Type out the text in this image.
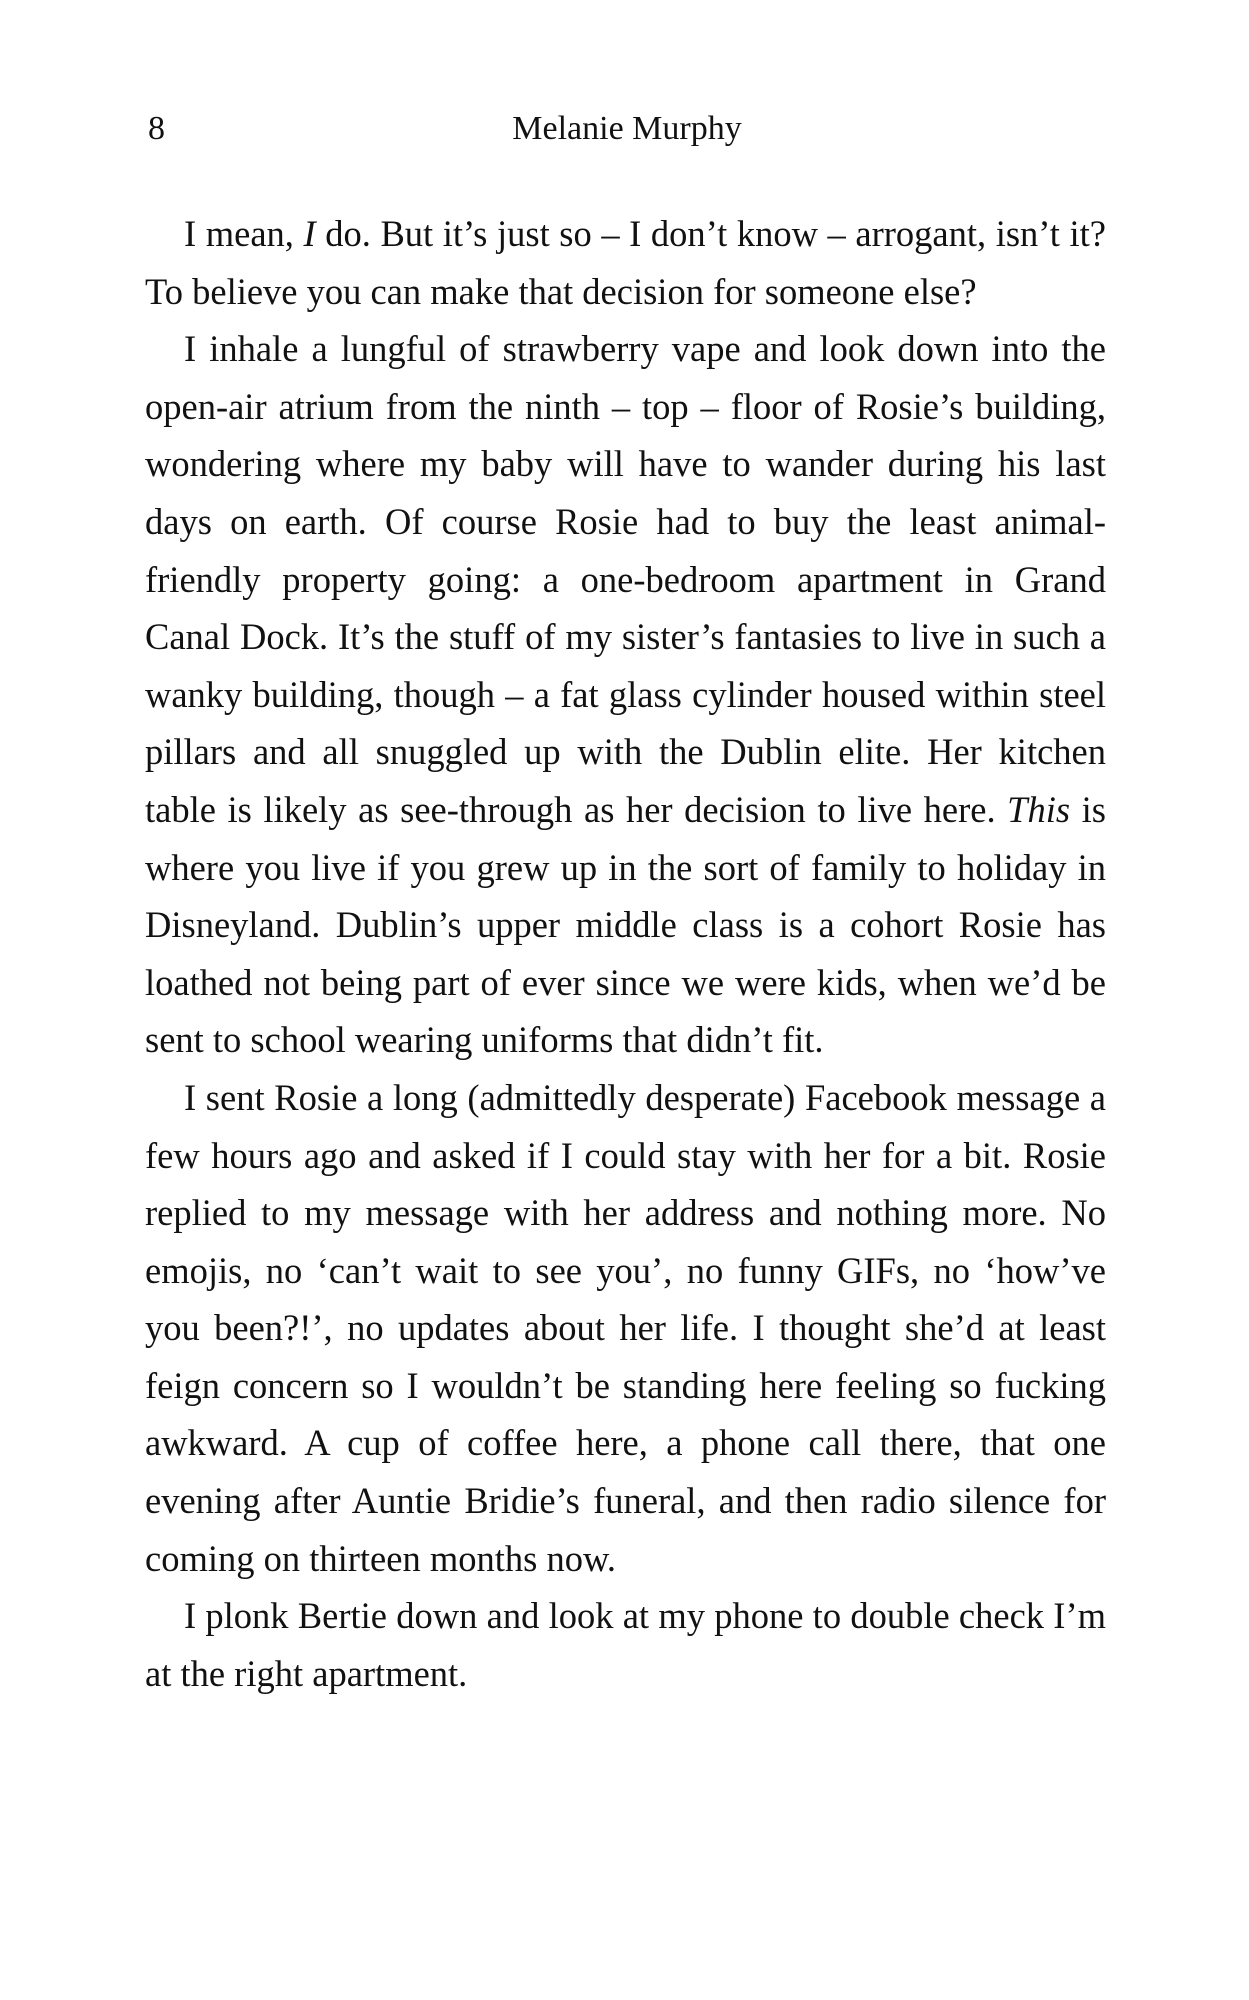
8	Melanie Murphy

I mean, I do. But it’s just so – I don’t know – arrogant, isn’t it? To believe you can make that decision for someone else?

I inhale a lungful of strawberry vape and look down into the open-air atrium from the ninth – top – floor of Rosie’s building, wondering where my baby will have to wander during his last days on earth. Of course Rosie had to buy the least animal-friendly property going: a one-bedroom apartment in Grand Canal Dock. It’s the stuff of my sister’s fantasies to live in such a wanky building, though – a fat glass cylinder housed within steel pillars and all snuggled up with the Dublin elite. Her kitchen table is likely as see-through as her decision to live here. This is where you live if you grew up in the sort of family to holiday in Disneyland. Dublin’s upper middle class is a cohort Rosie has loathed not being part of ever since we were kids, when we’d be sent to school wearing uniforms that didn’t fit.

I sent Rosie a long (admittedly desperate) Facebook message a few hours ago and asked if I could stay with her for a bit. Rosie replied to my message with her address and nothing more. No emojis, no ‘can’t wait to see you’, no funny GIFs, no ‘how’ve you been?!’, no updates about her life. I thought she’d at least feign concern so I wouldn’t be standing here feeling so fucking awkward. A cup of coffee here, a phone call there, that one evening after Auntie Bridie’s funeral, and then radio silence for coming on thirteen months now.

I plonk Bertie down and look at my phone to double check I’m at the right apartment.
